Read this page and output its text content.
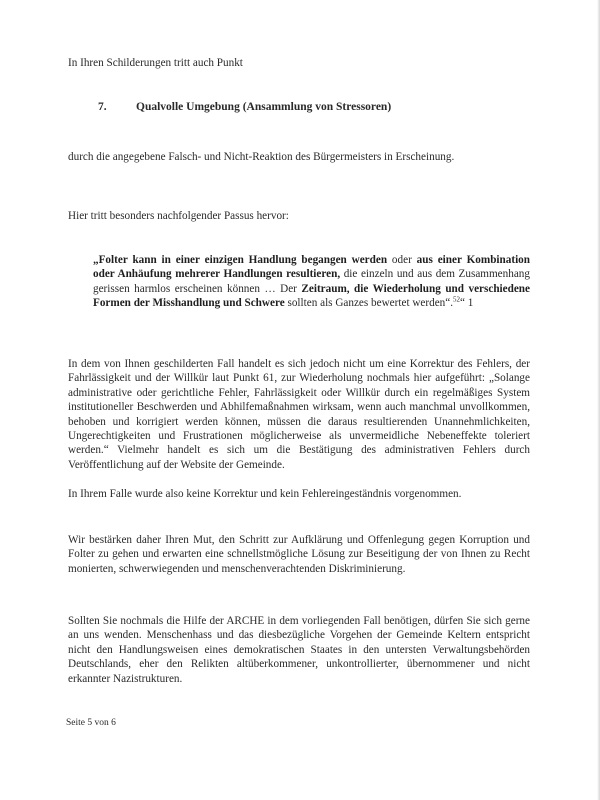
In Ihren Schilderungen tritt auch Punkt
7.	Qualvolle Umgebung (Ansammlung von Stressoren)
durch die angegebene Falsch- und Nicht-Reaktion des Bürgermeisters in Erscheinung.
Hier tritt besonders nachfolgender Passus hervor:
„Folter kann in einer einzigen Handlung begangen werden oder aus einer Kombination oder Anhäufung mehrerer Handlungen resultieren, die einzeln und aus dem Zusammenhang gerissen harmlos erscheinen können … Der Zeitraum, die Wiederholung und verschiedene Formen der Misshandlung und Schwere sollten als Ganzes bewertet werden“.$^{52}$“ 1
In dem von Ihnen geschilderten Fall handelt es sich jedoch nicht um eine Korrektur des Fehlers, der Fahrlässigkeit und der Willkür laut Punkt 61, zur Wiederholung nochmals hier aufgeführt: „Solange administrative oder gerichtliche Fehler, Fahrlässigkeit oder Willkür durch ein regelmäßiges System institutioneller Beschwerden und Abhilfemaßnahmen wirksam, wenn auch manchmal unvollkommen, behoben und korrigiert werden können, müssen die daraus resultierenden Unannehmlichkeiten, Ungerechtigkeiten und Frustrationen möglicherweise als unvermeidliche Nebeneffekte toleriert werden.“ Vielmehr handelt es sich um die Bestätigung des administrativen Fehlers durch Veröffentlichung auf der Website der Gemeinde.
In Ihrem Falle wurde also keine Korrektur und kein Fehlereingeständnis vorgenommen.
Wir bestärken daher Ihren Mut, den Schritt zur Aufklärung und Offenlegung gegen Korruption und Folter zu gehen und erwarten eine schnellstmögliche Lösung zur Beseitigung der von Ihnen zu Recht monierten, schwerwiegenden und menschenverachtenden Diskriminierung.
Sollten Sie nochmals die Hilfe der ARCHE in dem vorliegenden Fall benötigen, dürfen Sie sich gerne an uns wenden. Menschenhass und das diesbezügliche Vorgehen der Gemeinde Keltern entspricht nicht den Handlungsweisen eines demokratischen Staates in den untersten Verwaltungsbehörden Deutschlands, eher den Relikten altüberkommener, unkontrollierter, übernommener und nicht erkannter Nazistrukturen.
Seite 5 von 6
